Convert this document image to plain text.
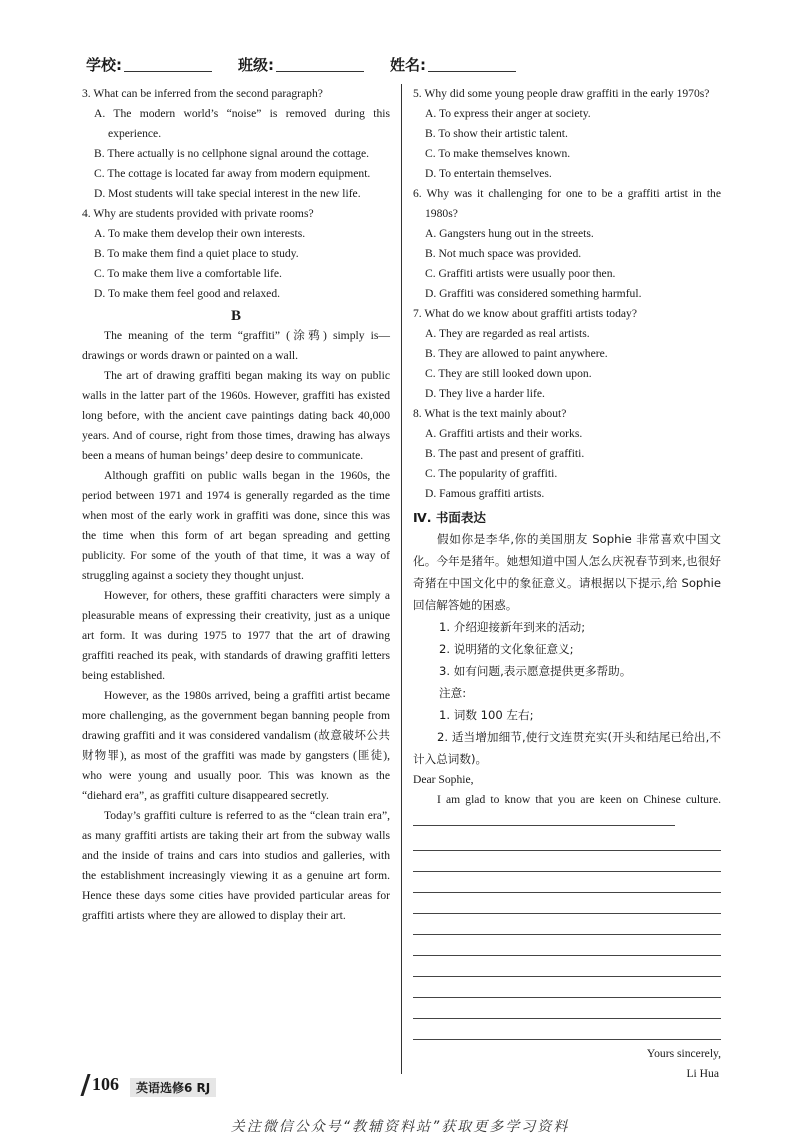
学校:	班级:	姓名:

3. What can be inferred from the second paragraph?

A. The modern world’s “noise” is removed during this experience.

B. There actually is no cellphone signal around the cottage.

C. The cottage is located far away from modern equipment.

D. Most students will take special interest in the new life.

4. Why are students provided with private rooms?

A. To make them develop their own interests.

B. To make them find a quiet place to study.

C. To make them live a comfortable life.

D. To make them feel good and relaxed.

B

The meaning of the term “graffiti” (涂鸦) simply is—drawings or words drawn or painted on a wall.

The art of drawing graffiti began making its way on public walls in the latter part of the 1960s. However, graffiti has existed long before, with the ancient cave paintings dating back 40,000 years. And of course, right from those times, drawing has always been a means of human beings’ deep desire to communicate.

Although graffiti on public walls began in the 1960s, the period between 1971 and 1974 is generally regarded as the time when most of the early work in graffiti was done, since this was the time when this form of art began spreading and getting publicity. For some of the youth of that time, it was a way of struggling against a society they thought unjust.

However, for others, these graffiti characters were simply a pleasurable means of expressing their creativity, just as a unique art form. It was during 1975 to 1977 that the art of drawing graffiti reached its peak, with standards of drawing graffiti letters being established.

However, as the 1980s arrived, being a graffiti artist became more challenging, as the government began banning people from drawing graffiti and it was considered vandalism (故意破坏公共财物罪), as most of the graffiti was made by gangsters (匪徒), who were young and usually poor. This was known as the “diehard era”, as graffiti culture disappeared secretly.

Today’s graffiti culture is referred to as the “clean train era”, as many graffiti artists are taking their art from the subway walls and the inside of trains and cars into studios and galleries, with the establishment increasingly viewing it as a genuine art form. Hence these days some cities have provided particular areas for graffiti artists where they are allowed to display their art.

5. Why did some young people draw graffiti in the early 1970s?

A. To express their anger at society.

B. To show their artistic talent.

C. To make themselves known.

D. To entertain themselves.

6. Why was it challenging for one to be a graffiti artist in the 1980s?

A. Gangsters hung out in the streets.

B. Not much space was provided.

C. Graffiti artists were usually poor then.

D. Graffiti was considered something harmful.

7. What do we know about graffiti artists today?

A. They are regarded as real artists.

B. They are allowed to paint anywhere.

C. They are still looked down upon.

D. They live a harder life.

8. What is the text mainly about?

A. Graffiti artists and their works.

B. The past and present of graffiti.

C. The popularity of graffiti.

D. Famous graffiti artists.

Ⅳ. 书面表达

假如你是李华,你的美国朋友 Sophie 非常喜欢中国文化。今年是猪年。她想知道中国人怎么庆祝春节到来,也很好奇猪在中国文化中的象征意义。请根据以下提示,给 Sophie 回信解答她的困惑。

1. 介绍迎接新年到来的活动;

2. 说明猪的文化象征意义;

3. 如有问题,表示愿意提供更多帮助。

注意:

1. 词数 100 左右;

2. 适当增加细节,使行文连贯充实(开头和结尾已给出,不计入总词数)。

Dear Sophie,

I am glad to know that you are keen on Chinese culture.

Yours sincerely,

Li Hua

106	英语选修6 RJ
关注微信公众号“教辅资料站”获取更多学习资料
